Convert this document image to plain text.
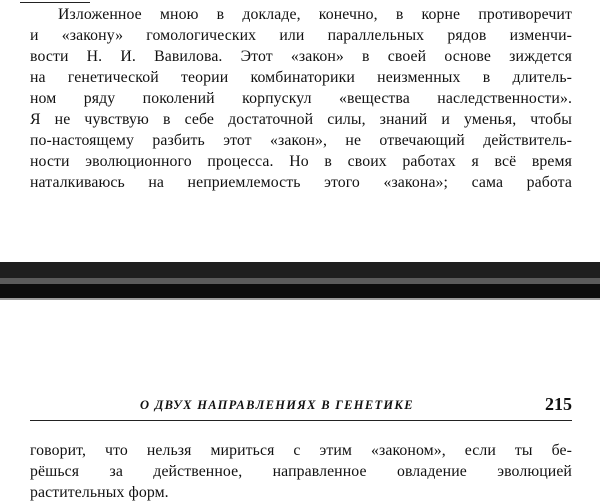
Изложенное мною в докладе, конечно, в корне противоречит
и «закону» гомологических или параллельных рядов изменчи-
вости Н. И. Вавилова. Этот «закон» в своей основе зиждется
на генетической теории комбинаторики неизменных в длитель-
ном ряду поколений корпускул «вещества наследственности».
Я не чувствую в себе достаточной силы, знаний и уменья, чтобы
по-настоящему разбить этот «закон», не отвечающий действитель-
ности эволюционного процесса. Но в своих работах я всё время
наталкиваюсь на неприемлемость этого «закона»; сама работа
О ДВУХ НАПРАВЛЕНИЯХ В ГЕНЕТИКЕ	215
говорит, что нельзя мириться с этим «законом», если ты бе-
рёшься за действенное, направленное овладение эволюцией
растительных форм.
